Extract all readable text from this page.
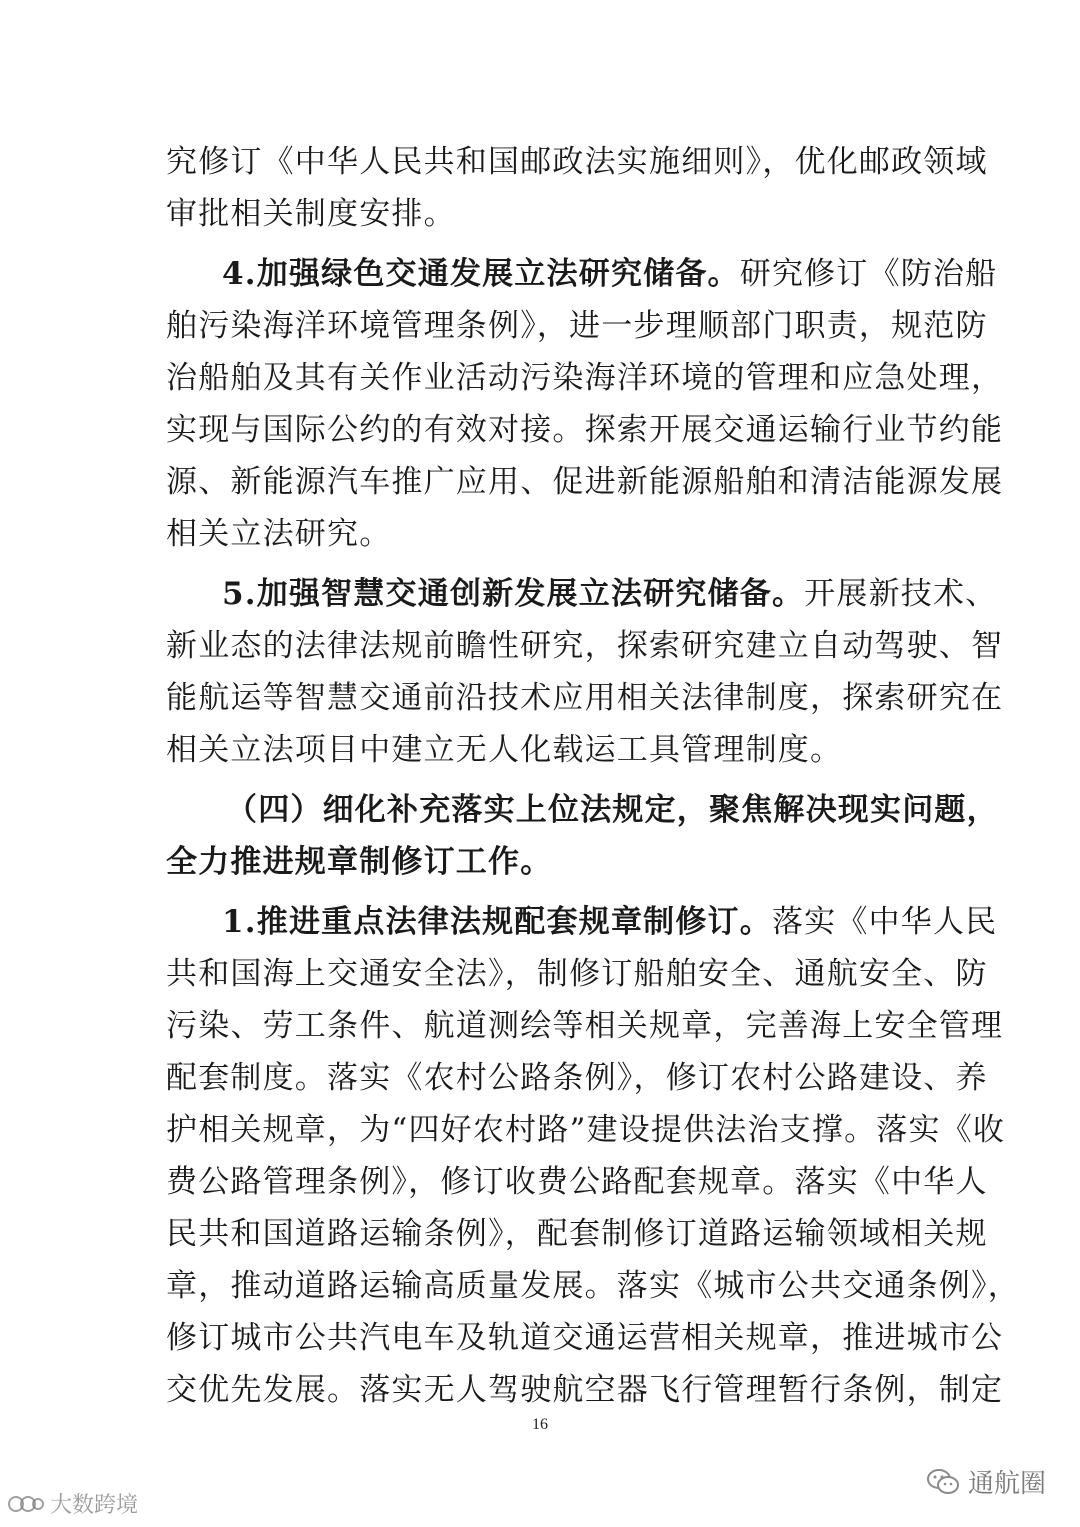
究修订《中华人民共和国邮政法实施细则》，优化邮政领域
审批相关制度安排。
4.加强绿色交通发展立法研究储备。研究修订《防治船
舶污染海洋环境管理条例》，进一步理顺部门职责，规范防
治船舶及其有关作业活动污染海洋环境的管理和应急处理，
实现与国际公约的有效对接。探索开展交通运输行业节约能
源、新能源汽车推广应用、促进新能源船舶和清洁能源发展
相关立法研究。
5.加强智慧交通创新发展立法研究储备。开展新技术、
新业态的法律法规前瞻性研究，探索研究建立自动驾驶、智
能航运等智慧交通前沿技术应用相关法律制度，探索研究在
相关立法项目中建立无人化载运工具管理制度。
（四）细化补充落实上位法规定，聚焦解决现实问题，
全力推进规章制修订工作。
1.推进重点法律法规配套规章制修订。落实《中华人民
共和国海上交通安全法》，制修订船舶安全、通航安全、防
污染、劳工条件、航道测绘等相关规章，完善海上安全管理
配套制度。落实《农村公路条例》，修订农村公路建设、养
护相关规章，为“四好农村路”建设提供法治支撑。落实《收
费公路管理条例》，修订收费公路配套规章。落实《中华人
民共和国道路运输条例》，配套制修订道路运输领域相关规
章，推动道路运输高质量发展。落实《城市公共交通条例》，
修订城市公共汽电车及轨道交通运营相关规章，推进城市公
交优先发展。落实无人驾驶航空器飞行管理暂行条例，制定
16
大数跨境
通航圈
